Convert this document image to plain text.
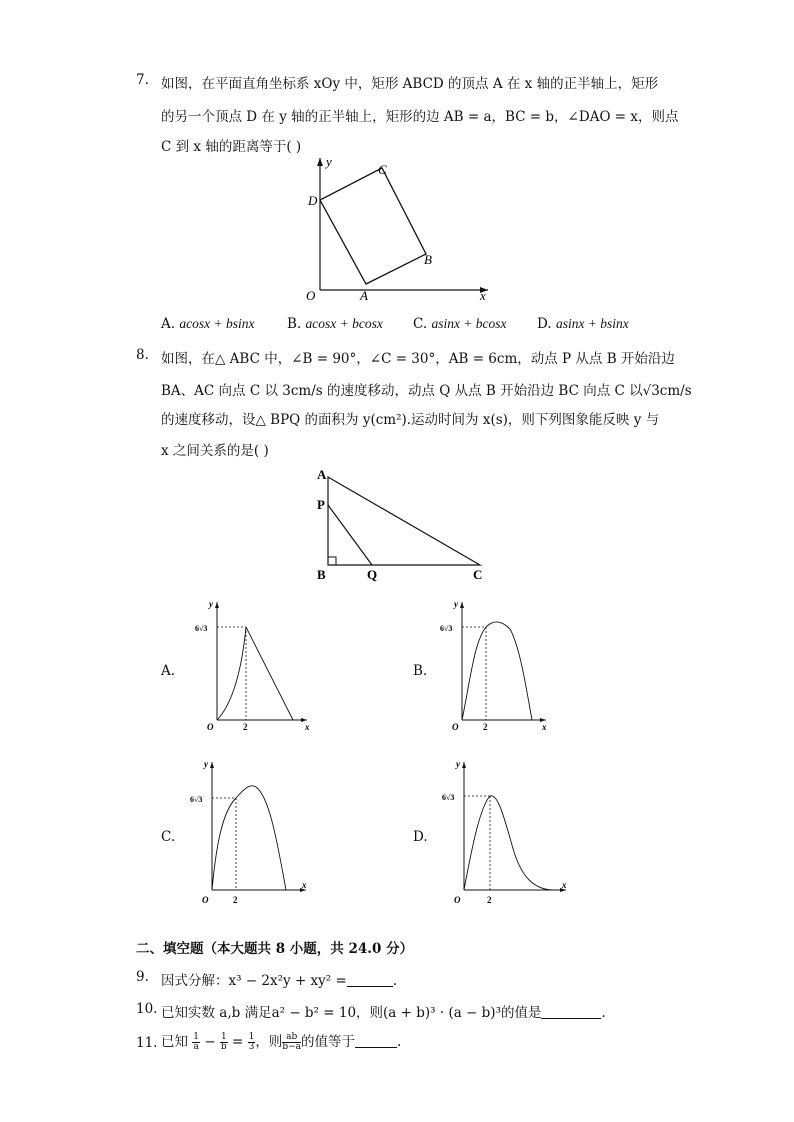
7. 如图，在平面直角坐标系 xOy 中，矩形 ABCD 的顶点 A 在 x 轴的正半轴上，矩形
的另一个顶点 D 在 y 轴的正半轴上，矩形的边 AB = a，BC = b，∠DAO = x，则点
C 到 x 轴的距离等于( )
y
x
O	A
B
C
D
A. acosx + bsinx B. acosx + bcosx C. asinx + bcosx D. asinx + bsinx
8. 如图，在△ ABC 中，∠B = 90°，∠C = 30°，AB = 6cm，动点 P 从点 B 开始沿边
BA、AC 向点 C 以 3cm/s 的速度移动，动点 Q 从点 B 开始沿边 BC 向点 C 以√3cm/s
的速度移动，设△ BPQ 的面积为 y(cm²).运动时间为 x(s)，则下列图象能反映 y 与
x 之间关系的是( )
A
P
B	Q	C
A.
y
x
O	2
6√3
B.
y
x
O	2
6√3
C.
y
x
O	2
6√3
D.
y
x
O	2
6√3
二、填空题（本大题共 8 小题，共 24.0 分）
9. 因式分解：x³ − 2x²y + xy² =	.
10. 已知实数 a,b 满足a² − b² = 10，则(a + b)³ · (a − b)³的值是	.
11. 已知 $\frac{1}{a} - \frac{1}{b} = \frac{1}{3}$ ，则 $\frac{ab}{b-a}$ 的值等于	.
